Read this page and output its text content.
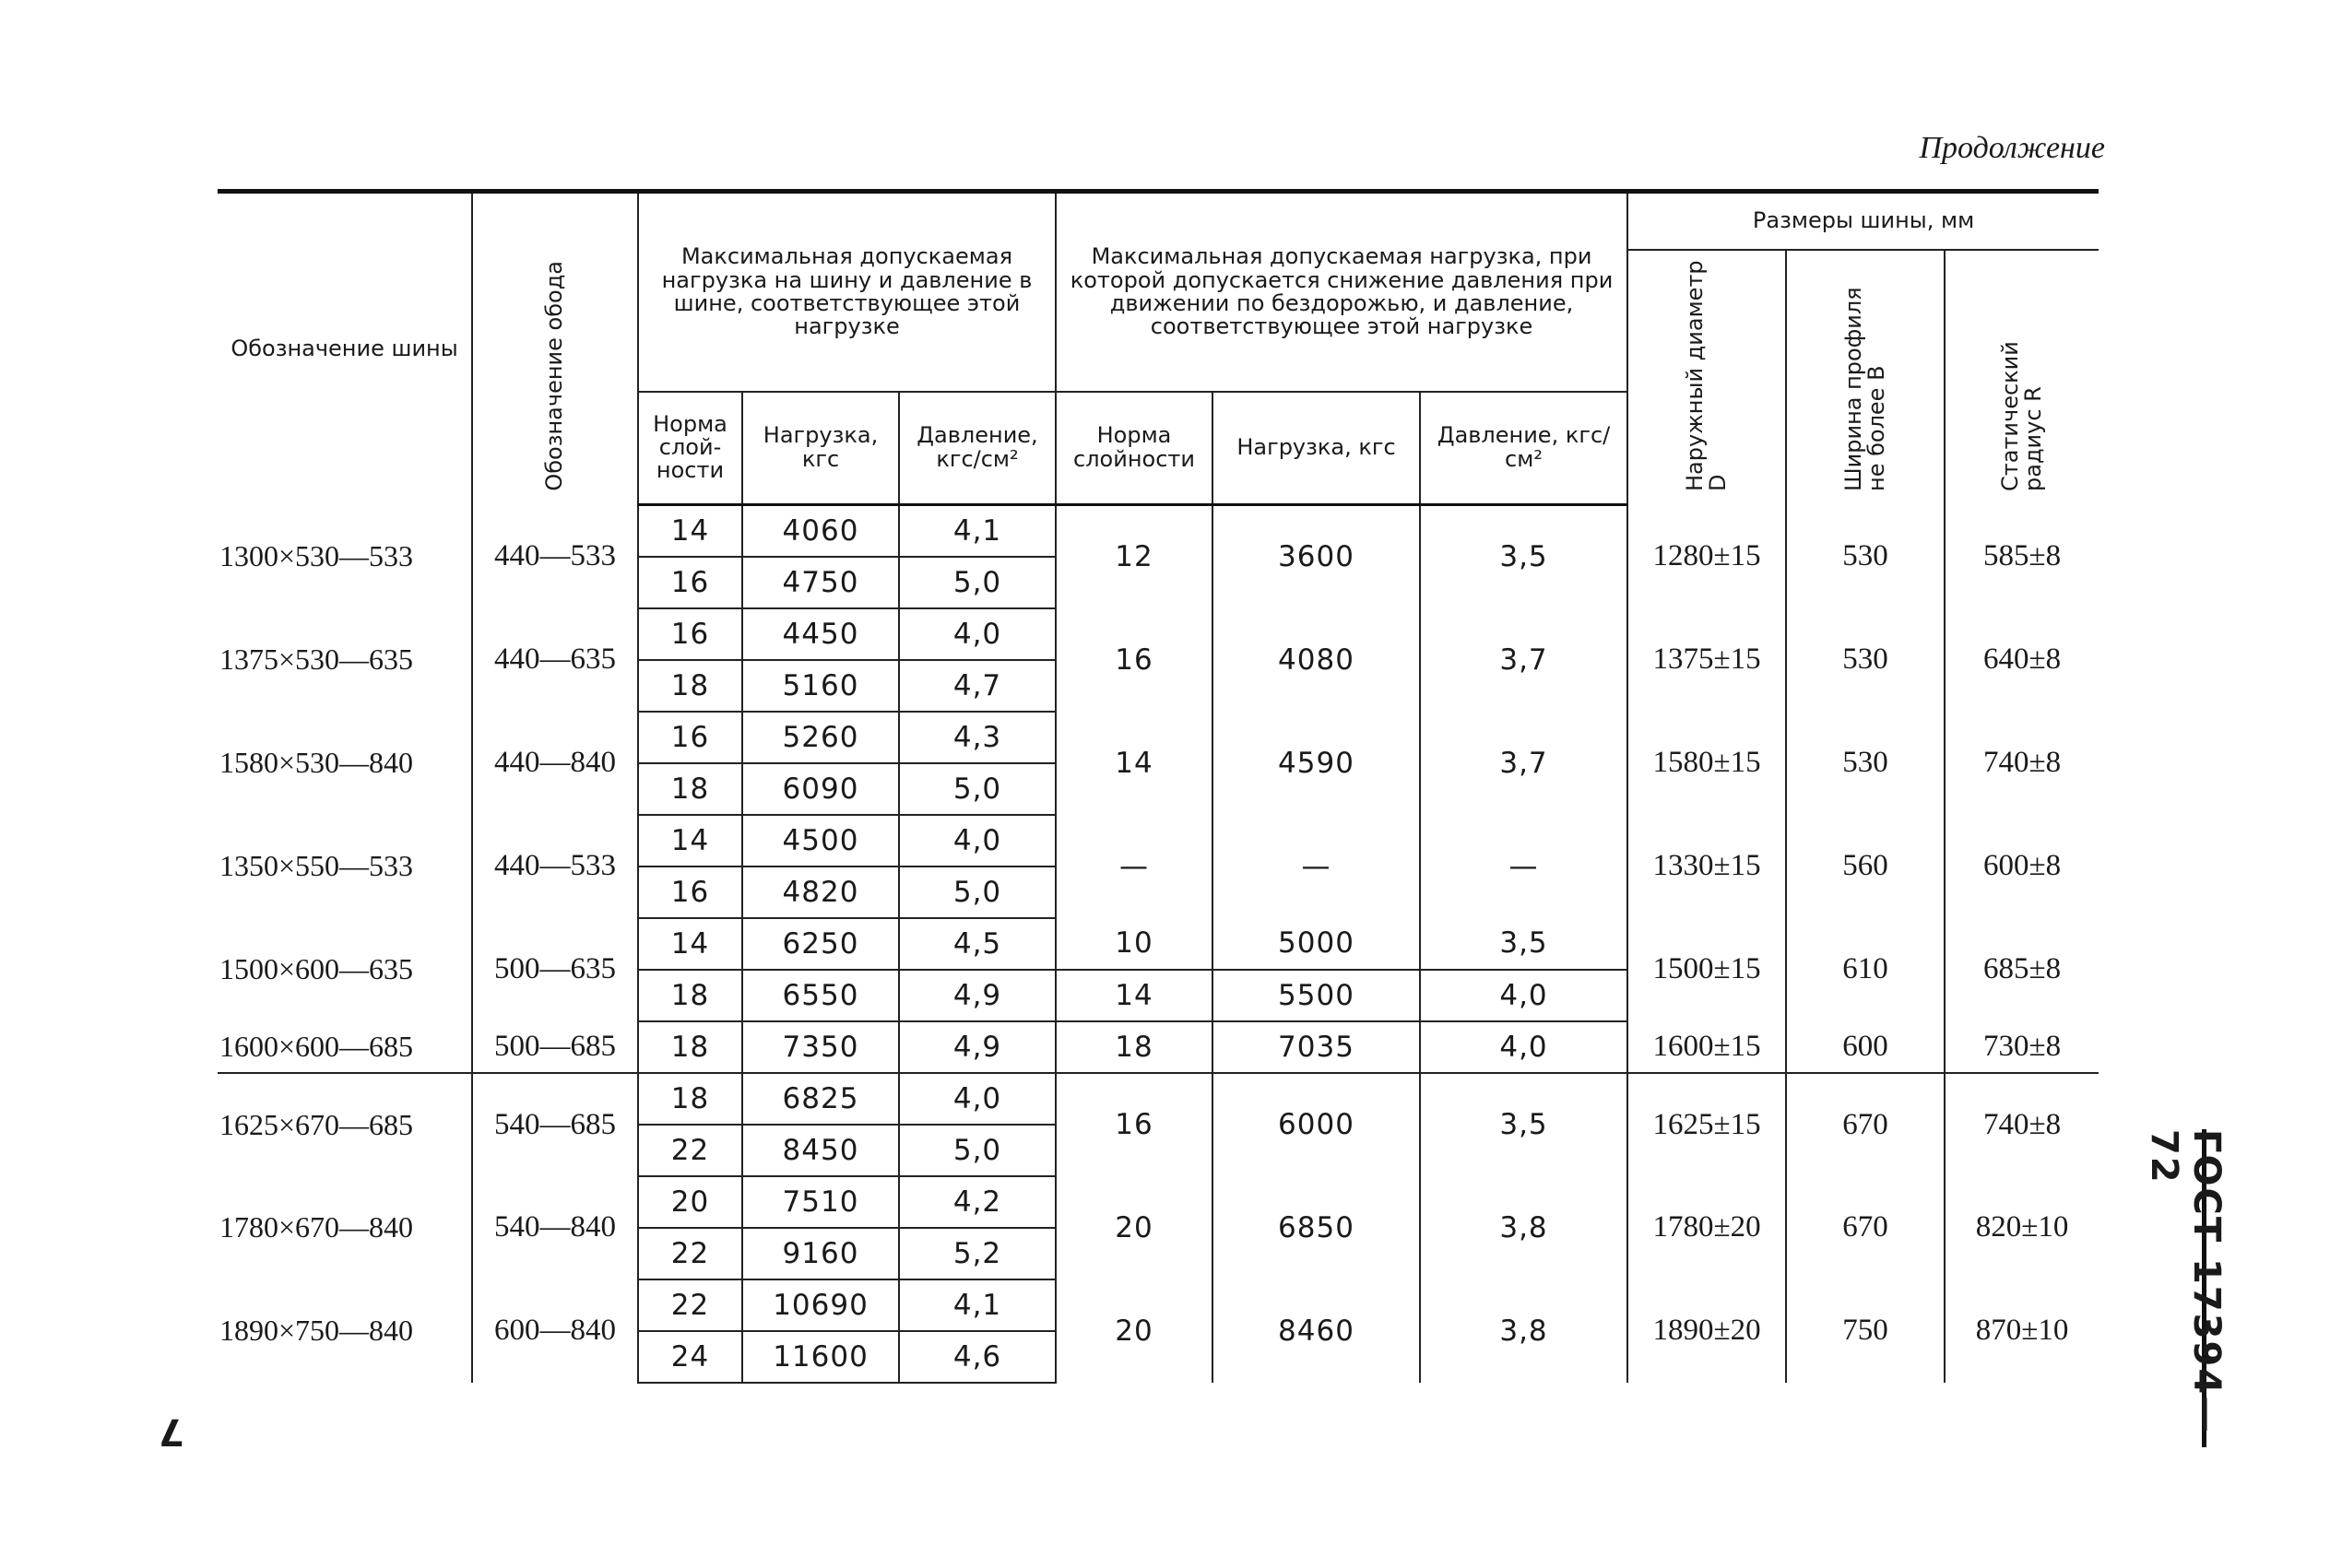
Продолжение
Обозначение шины	Обозначение обода	Максимальная допускаемая нагрузка на шину и давление в шине, соответствующее этой нагрузке			Максимальная допускаемая нагрузка, при которой допускается снижение давления при движении по бездорожью, и давление, соответствующее этой нагрузке			Размеры шины, мм		

								Наружный диаметр D	Ширина профиля не более B	Статический радиус R

		Норма слой-ности	Нагрузка, кгс	Давление, кгс/см²	Норма слойности	Нагрузка, кгс	Давление, кгс/см²			
1300×530—533	440—533	14	4060	4,1	12	3600	3,5	1280±15	530	585±8
		16	4750	5,0						
1375×530—635	440—635	16	4450	4,0	16	4080	3,7	1375±15	530	640±8
		18	5160	4,7						
1580×530—840	440—840	16	5260	4,3	14	4590	3,7	1580±15	530	740±8
		18	6090	5,0						
1350×550—533	440—533	14	4500	4,0	—	—	—	1330±15	560	600±8
		16	4820	5,0						
1500×600—635	500—635	14	6250	4,5	10	5000	3,5	1500±15	610	685±8
		18	6550	4,9	14	5500	4,0			
1600×600—685	500—685	18	7350	4,9	18	7035	4,0	1600±15	600	730±8
1625×670—685	540—685	18	6825	4,0	16	6000	3,5	1625±15	670	740±8
		22	8450	5,0						
1780×670—840	540—840	20	7510	4,2	20	6850	3,8	1780±20	670	820±10
		22	9160	5,2						
1890×750—840	600—840	22	10690	4,1	20	8460	3,8	1890±20	750	870±10
		24	11600	4,6							ГОСТ 17394—72
7
